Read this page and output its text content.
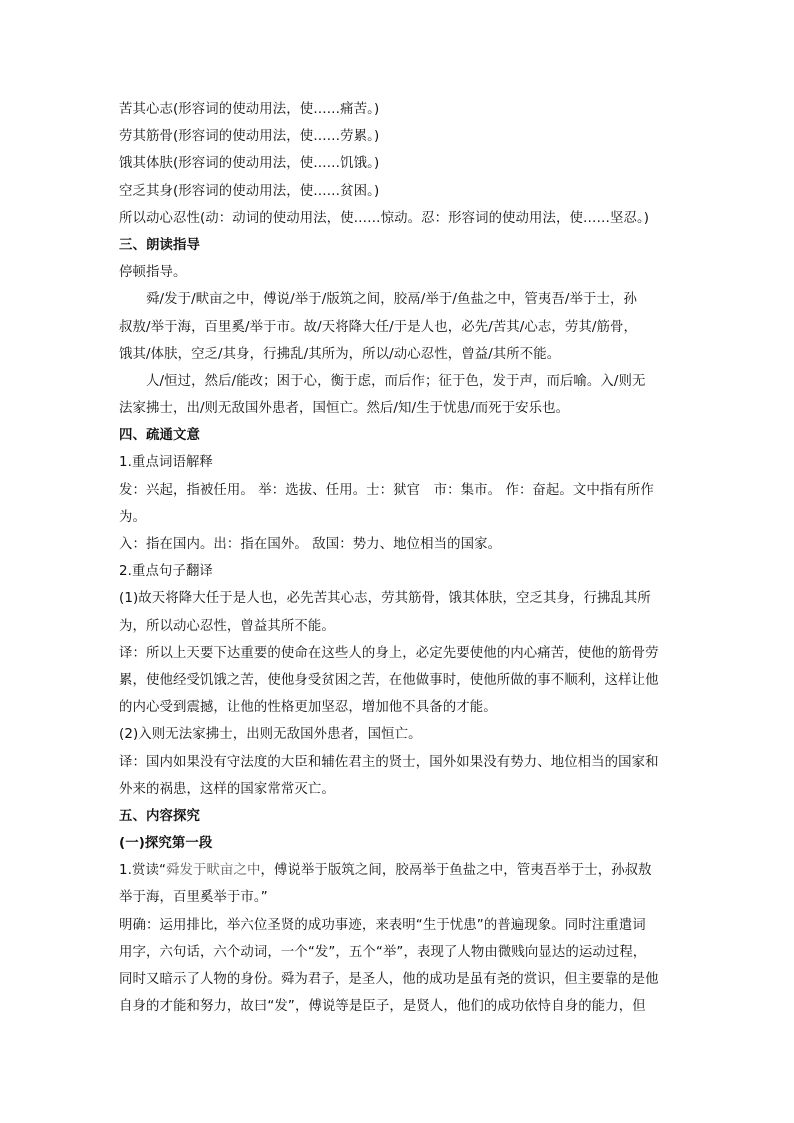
苦其心志(形容词的使动用法，使……痛苦。)
劳其筋骨(形容词的使动用法，使……劳累。)
饿其体肤(形容词的使动用法，使……饥饿。)
空乏其身(形容词的使动用法，使……贫困。)
所以动心忍性(动：动词的使动用法，使……惊动。忍：形容词的使动用法，使……坚忍。)
三、朗读指导
停顿指导。
舜/发于/畎亩之中，傅说/举于/版筑之间，胶鬲/举于/鱼盐之中，管夷吾/举于士，孙
叔敖/举于海，百里奚/举于市。故/天将降大任/于是人也，必先/苦其/心志，劳其/筋骨，
饿其/体肤，空乏/其身，行拂乱/其所为，所以/动心忍性，曾益/其所不能。
人/恒过，然后/能改；困于心，衡于虑，而后作；征于色，发于声，而后喻。入/则无
法家拂士，出/则无敌国外患者，国恒亡。然后/知/生于忧患/而死于安乐也。
四、疏通文意
1.重点词语解释
发：兴起，指被任用。 举：选拔、任用。士：狱官　市：集市。 作：奋起。文中指有所作
为。
入：指在国内。出：指在国外。 敌国：势力、地位相当的国家。
2.重点句子翻译
(1)故天将降大任于是人也，必先苦其心志，劳其筋骨，饿其体肤，空乏其身，行拂乱其所
为，所以动心忍性，曾益其所不能。
译：所以上天要下达重要的使命在这些人的身上，必定先要使他的内心痛苦，使他的筋骨劳
累，使他经受饥饿之苦，使他身受贫困之苦，在他做事时，使他所做的事不顺利，这样让他
的内心受到震撼，让他的性格更加坚忍，增加他不具备的才能。
(2)入则无法家拂士，出则无敌国外患者，国恒亡。
译：国内如果没有守法度的大臣和辅佐君主的贤士，国外如果没有势力、地位相当的国家和
外来的祸患，这样的国家常常灭亡。
五、内容探究
(一)探究第一段
1.赏读“舜发于畎亩之中，傅说举于版筑之间，胶鬲举于鱼盐之中，管夷吾举于士，孙叔敖
举于海，百里奚举于市。”
明确：运用排比，举六位圣贤的成功事迹，来表明“生于忧患”的普遍现象。同时注重遣词
用字，六句话，六个动词，一个“发”，五个“举”，表现了人物由微贱向显达的运动过程，
同时又暗示了人物的身份。舜为君子，是圣人，他的成功是虽有尧的赏识，但主要靠的是他
自身的才能和努力，故曰“发”，傅说等是臣子，是贤人，他们的成功依恃自身的能力，但
